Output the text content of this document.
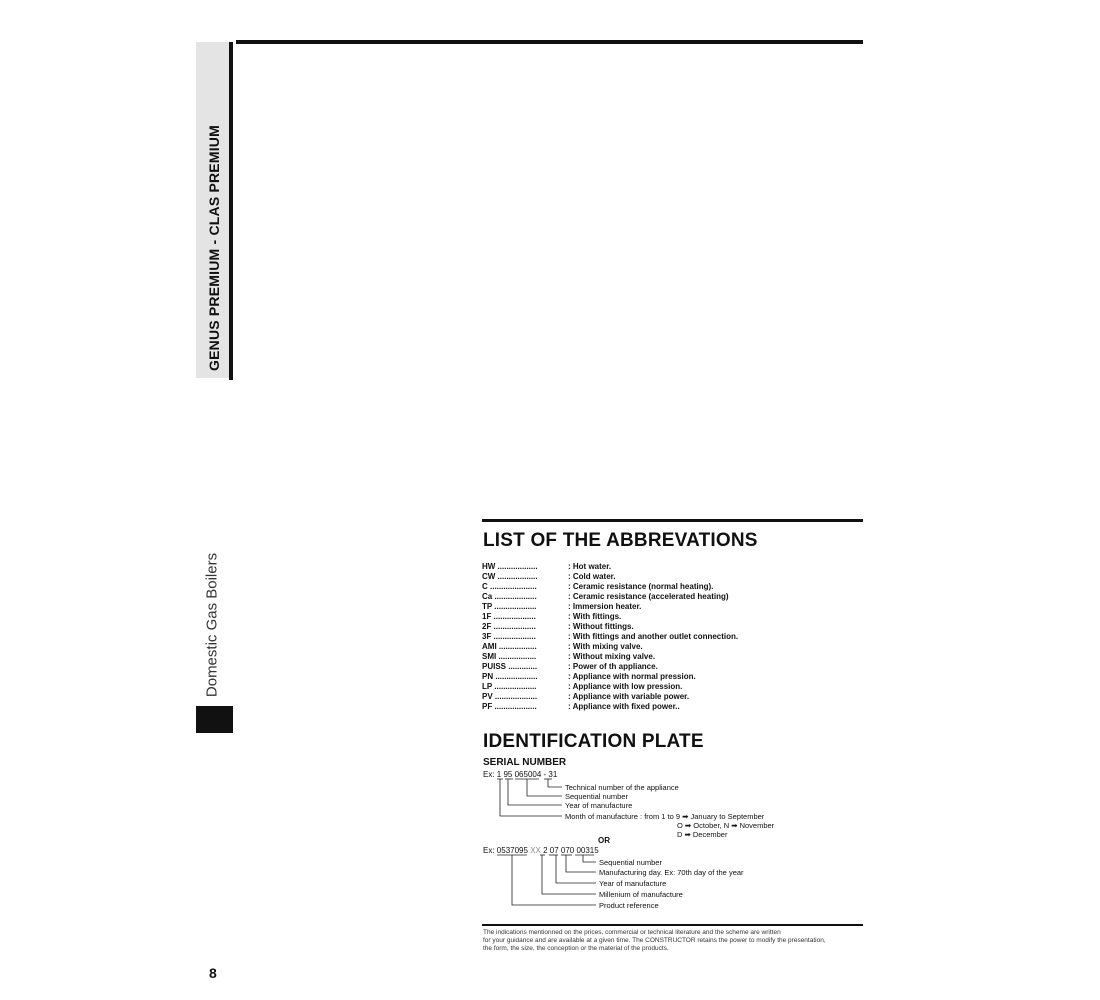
GENUS PREMIUM - CLAS PREMIUM
Domestic Gas Boilers
LIST OF THE ABBREVATIONS
HW ..................	: Hot water.
CW ..................	: Cold water.
C .....................	: Ceramic resistance (normal heating).
Ca ...................	: Ceramic resistance (accelerated heating)
TP ...................	: Immersion heater.
1F ...................	: With fittings.
2F ...................	: Without fittings.
3F ...................	: With fittings and another outlet connection.
AMI .................	: With mixing valve.
SMI .................	: Without mixing valve.
PUISS .............	: Power of th appliance.
PN ...................	: Appliance with normal pression.
LP ...................	: Appliance with low pression.
PV ...................	: Appliance with variable power.
PF ...................	: Appliance with fixed power..
IDENTIFICATION PLATE
SERIAL NUMBER
Ex: 1 95 065004 - 31
Technical number of the appliance
Sequential number
Year of manufacture
Month of manufacture : from 1 to 9 ➡ January to September
O ➡ October, N ➡ November
D ➡ December
OR
Ex: 0537095 XX 2 07 070 00315
Sequential number
Manufacturing day. Ex: 70th day of the year
Year of manufacture
Millenium of manufacture
Product reference
The indications mentionned on the prices, commercial or technical literature and the scheme are written
for your guidance and are available at a given time. The CONSTRUCTOR retains the power to modify the presentation,
the form, the size, the conception or the material of the products.
8
